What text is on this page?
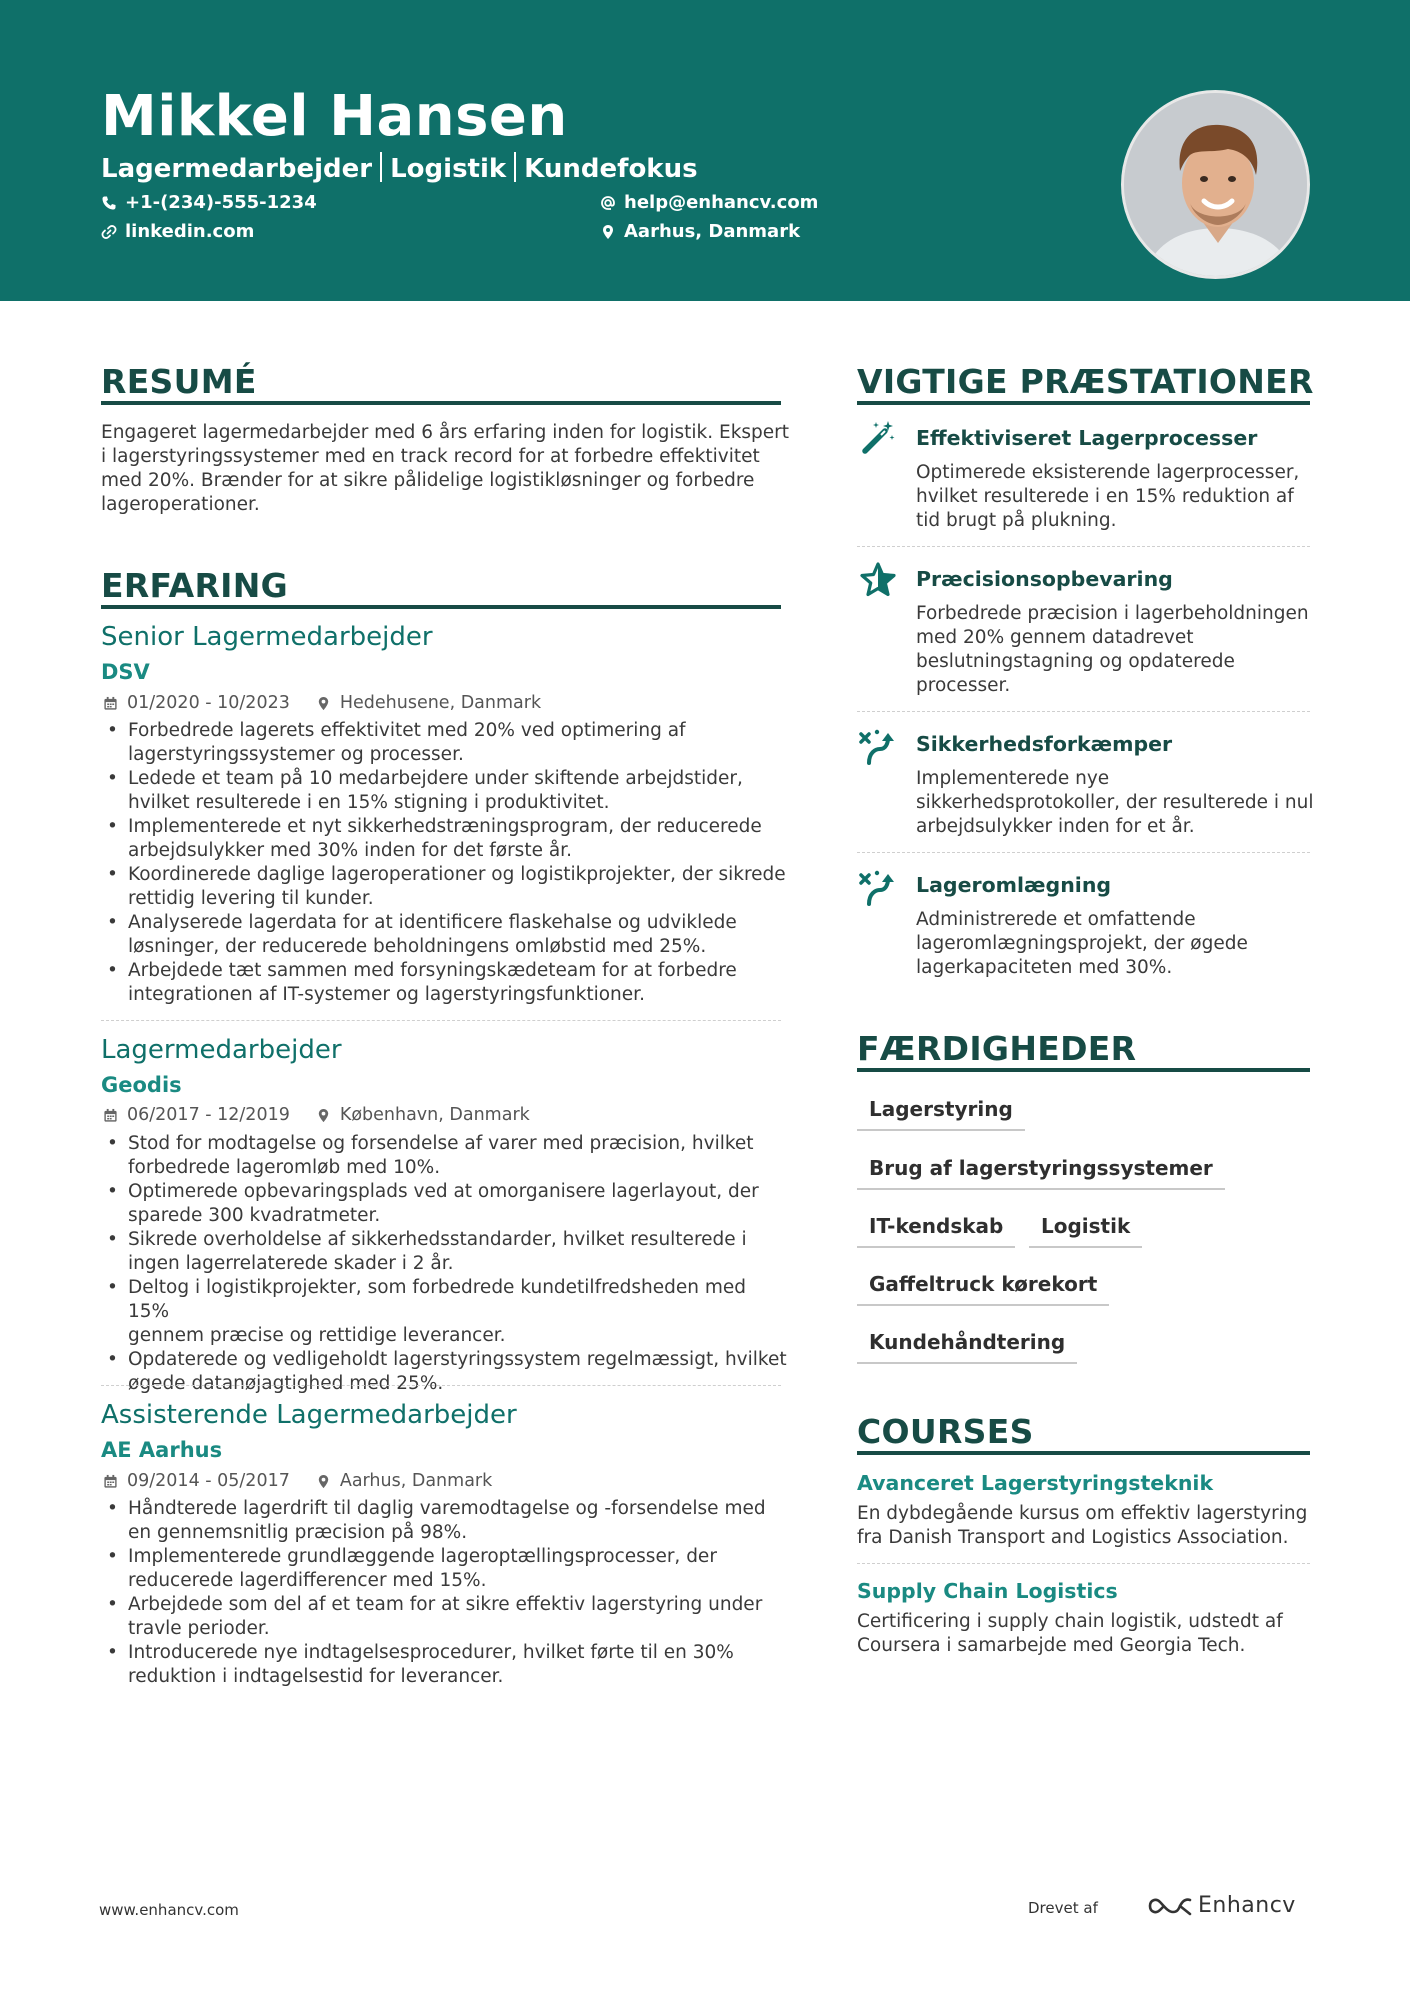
Mikkel Hansen
Lagermedarbejder Logistik Kundefokus
+1-(234)-555-1234	help@enhancv.com
linkedin.com	Aarhus, Danmark
RESUMÉ
Engageret lagermedarbejder med 6 års erfaring inden for logistik. Ekspert
i lagerstyringssystemer med en track record for at forbedre effektivitet
med 20%. Brænder for at sikre pålidelige logistikløsninger og forbedre
lageroperationer.
ERFARING
Senior Lagermedarbejder
DSV
01/2020 - 10/2023	Hedehusene, Danmark
• Forbedrede lagerets effektivitet med 20% ved optimering af
lagerstyringssystemer og processer.
• Ledede et team på 10 medarbejdere under skiftende arbejdstider,
hvilket resulterede i en 15% stigning i produktivitet.
• Implementerede et nyt sikkerhedstræningsprogram, der reducerede
arbejdsulykker med 30% inden for det første år.
• Koordinerede daglige lageroperationer og logistikprojekter, der sikrede
rettidig levering til kunder.
• Analyserede lagerdata for at identificere flaskehalse og udviklede
løsninger, der reducerede beholdningens omløbstid med 25%.
• Arbejdede tæt sammen med forsyningskædeteam for at forbedre
integrationen af IT-systemer og lagerstyringsfunktioner.
Lagermedarbejder
Geodis
06/2017 - 12/2019	København, Danmark
• Stod for modtagelse og forsendelse af varer med præcision, hvilket
forbedrede lageromløb med 10%.
• Optimerede opbevaringsplads ved at omorganisere lagerlayout, der
sparede 300 kvadratmeter.
• Sikrede overholdelse af sikkerhedsstandarder, hvilket resulterede i
ingen lagerrelaterede skader i 2 år.
• Deltog i logistikprojekter, som forbedrede kundetilfredsheden med 15%
gennem præcise og rettidige leverancer.
• Opdaterede og vedligeholdt lagerstyringssystem regelmæssigt, hvilket
øgede datanøjagtighed med 25%.
Assisterende Lagermedarbejder
AE Aarhus
09/2014 - 05/2017	Aarhus, Danmark
• Håndterede lagerdrift til daglig varemodtagelse og -forsendelse med
en gennemsnitlig præcision på 98%.
• Implementerede grundlæggende lageroptællingsprocesser, der
reducerede lagerdifferencer med 15%.
• Arbejdede som del af et team for at sikre effektiv lagerstyring under
travle perioder.
• Introducerede nye indtagelsesprocedurer, hvilket førte til en 30%
reduktion i indtagelsestid for leverancer.
VIGTIGE PRÆSTATIONER
Effektiviseret Lagerprocesser
Optimerede eksisterende lagerprocesser,
hvilket resulterede i en 15% reduktion af
tid brugt på plukning.
Præcisionsopbevaring
Forbedrede præcision i lagerbeholdningen
med 20% gennem datadrevet
beslutningstagning og opdaterede
processer.
Sikkerhedsforkæmper
Implementerede nye
sikkerhedsprotokoller, der resulterede i nul
arbejdsulykker inden for et år.
Lageromlægning
Administrerede et omfattende
lageromlægningsprojekt, der øgede
lagerkapaciteten med 30%.
FÆRDIGHEDER
Lagerstyring
Brug af lagerstyringssystemer
IT-kendskab	Logistik
Gaffeltruck kørekort
Kundehåndtering
COURSES
Avanceret Lagerstyringsteknik
En dybdegående kursus om effektiv lagerstyring
fra Danish Transport and Logistics Association.
Supply Chain Logistics
Certificering i supply chain logistik, udstedt af
Coursera i samarbejde med Georgia Tech.
www.enhancv.com	Drevet af	Enhancv
